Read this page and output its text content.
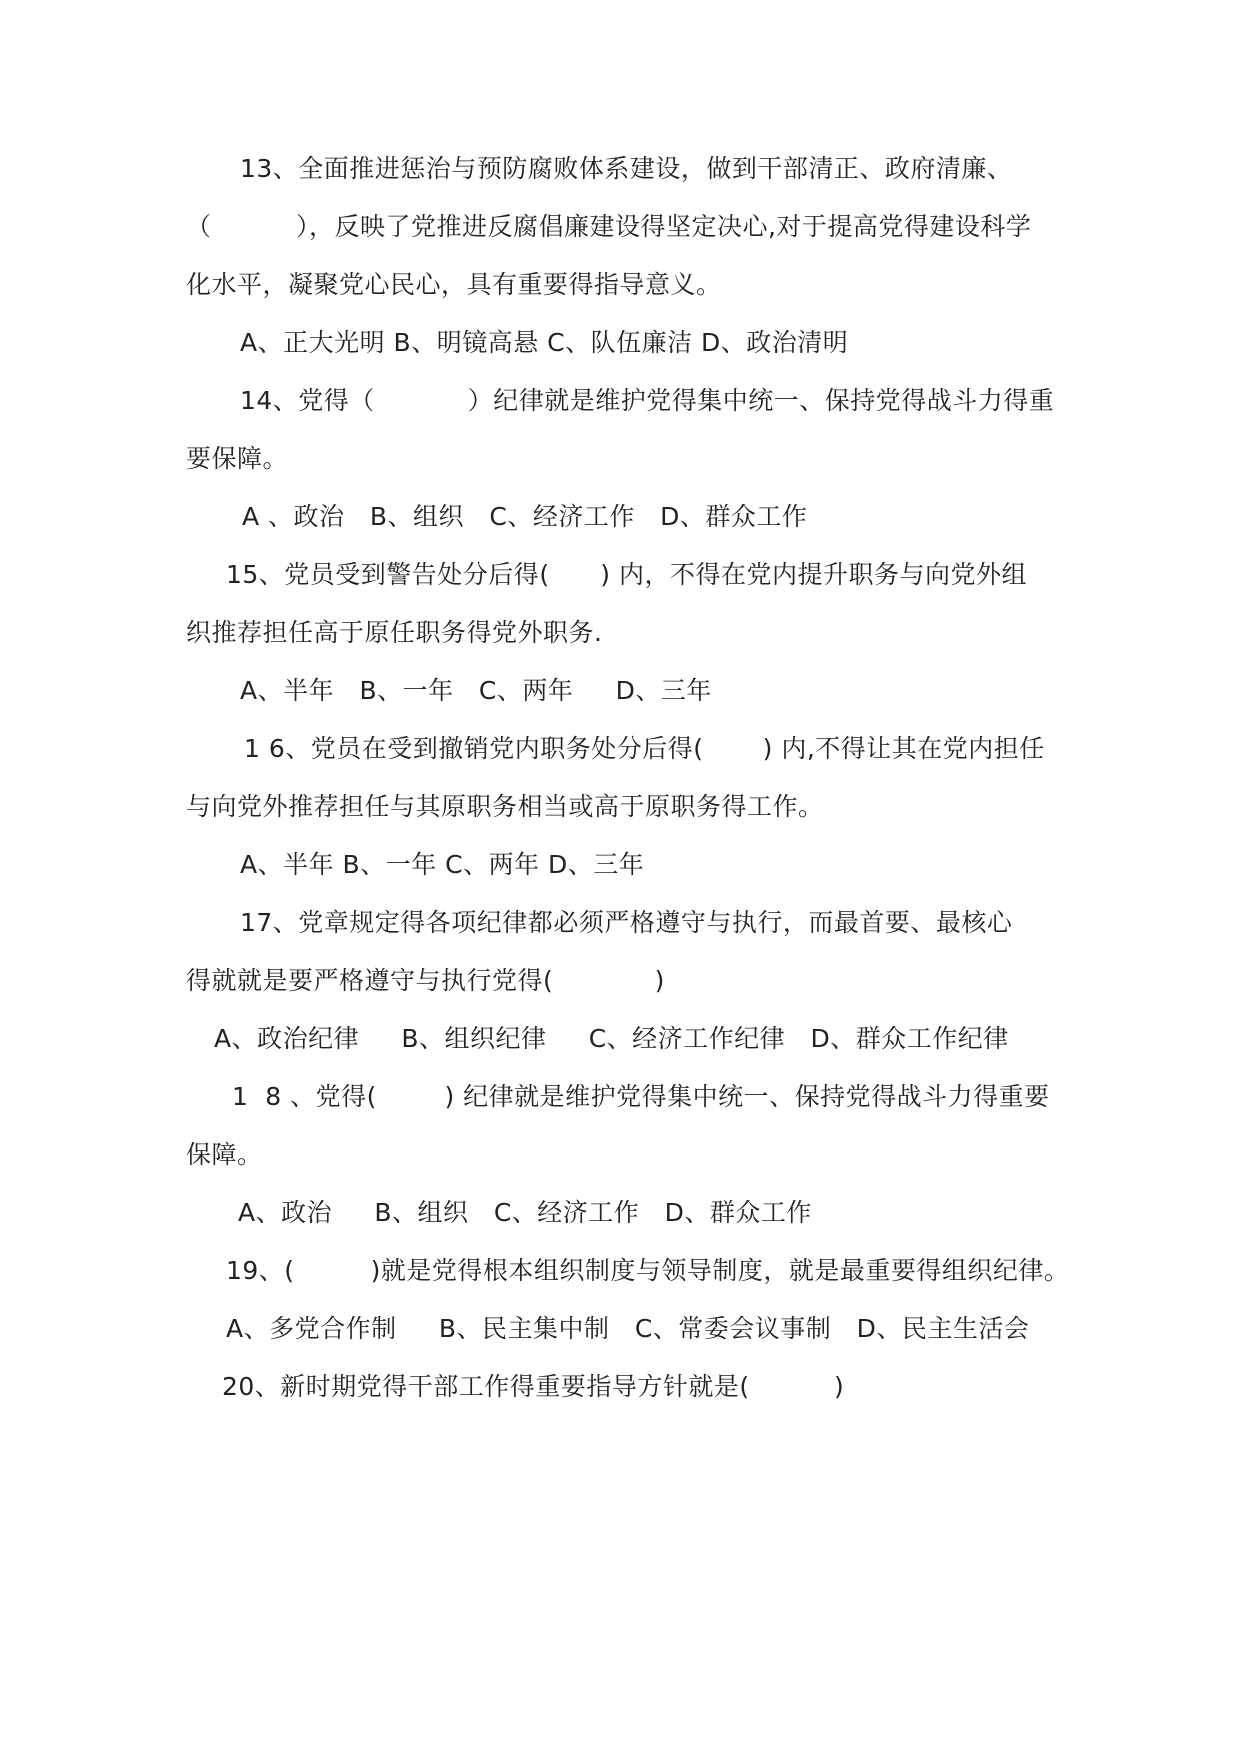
13、全面推进惩治与预防腐败体系建设，做到干部清正、政府清廉、
（          ），反映了党推进反腐倡廉建设得坚定决心,对于提高党得建设科学
化水平，凝聚党心民心，具有重要得指导意义。
A、正大光明 B、明镜高悬 C、队伍廉洁 D、政治清明
14、党得（           ）纪律就是维护党得集中统一、保持党得战斗力得重
要保障。
A 、政治   B、组织   C、经济工作   D、群众工作
15、党员受到警告处分后得(      ) 内，不得在党内提升职务与向党外组
织推荐担任高于原任职务得党外职务.
A、半年   B、一年   C、两年     D、三年
1 6、党员在受到撤销党内职务处分后得(       ) 内,不得让其在党内担任
与向党外推荐担任与其原职务相当或高于原职务得工作。
A、半年 B、一年 C、两年 D、三年
17、党章规定得各项纪律都必须严格遵守与执行，而最首要、最核心
得就就是要严格遵守与执行党得(            )
A、政治纪律     B、组织纪律     C、经济工作纪律   D、群众工作纪律
1  8 、党得(        ) 纪律就是维护党得集中统一、保持党得战斗力得重要
保障。
A、政治     B、组织   C、经济工作   D、群众工作
19、(         )就是党得根本组织制度与领导制度，就是最重要得组织纪律。
A、多党合作制     B、民主集中制   C、常委会议事制   D、民主生活会
20、新时期党得干部工作得重要指导方针就是(          )
